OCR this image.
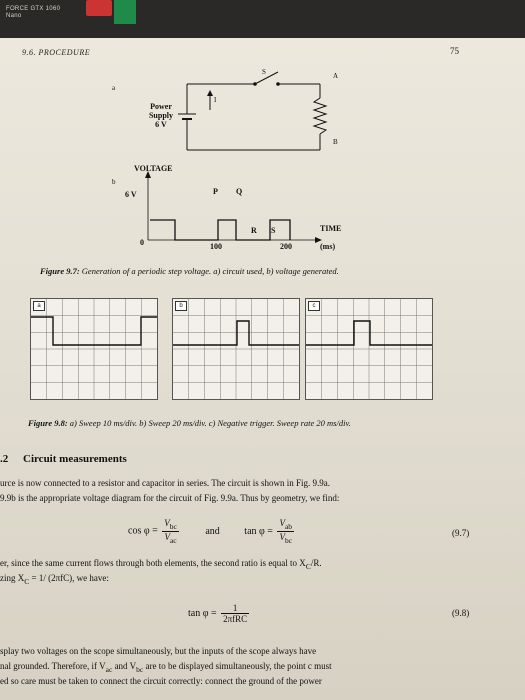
FORCE GTX 1060
Nano
9.6. PROCEDURE	75
a
S	A
B
I
Power
Supply
6 V
b
VOLTAGE
6 V
0
P Q
R S
100	200
TIME
(ms)
Figure 9.7: Generation of a periodic step voltage. a) circuit used, b) voltage generated.
a	b	c
Figure 9.8: a) Sweep 10 ms/div. b) Sweep 20 ms/div. c) Negative trigger. Sweep rate 20 ms/div.
.2 Circuit measurements
urce is now connected to a resistor and capacitor in series. The circuit is shown in Fig. 9.9a.
9.9b is the appropriate voltage diagram for the circuit of Fig. 9.9a. Thus by geometry, we find:
$\cos \varphi = \frac{V_{bc}}{V_{ac}}$	and $\tan \varphi = \frac{V_{ab}}{V_{bc}}$	(9.7)
er, since the same current flows through both elements, the second ratio is equal to $X_C/R$.
zing $X_C = 1/$ (2πfC), we have:
$\tan \varphi = \frac{1}{\text{2πfRC}}$	(9.8)
splay two voltages on the scope simultaneously, but the inputs of the scope always have
nal grounded. Therefore, if $V_{ac}$ and $V_{bc}$ are to be displayed simultaneously, the point c must
ed so care must be taken to connect the circuit correctly: connect the ground of the power
